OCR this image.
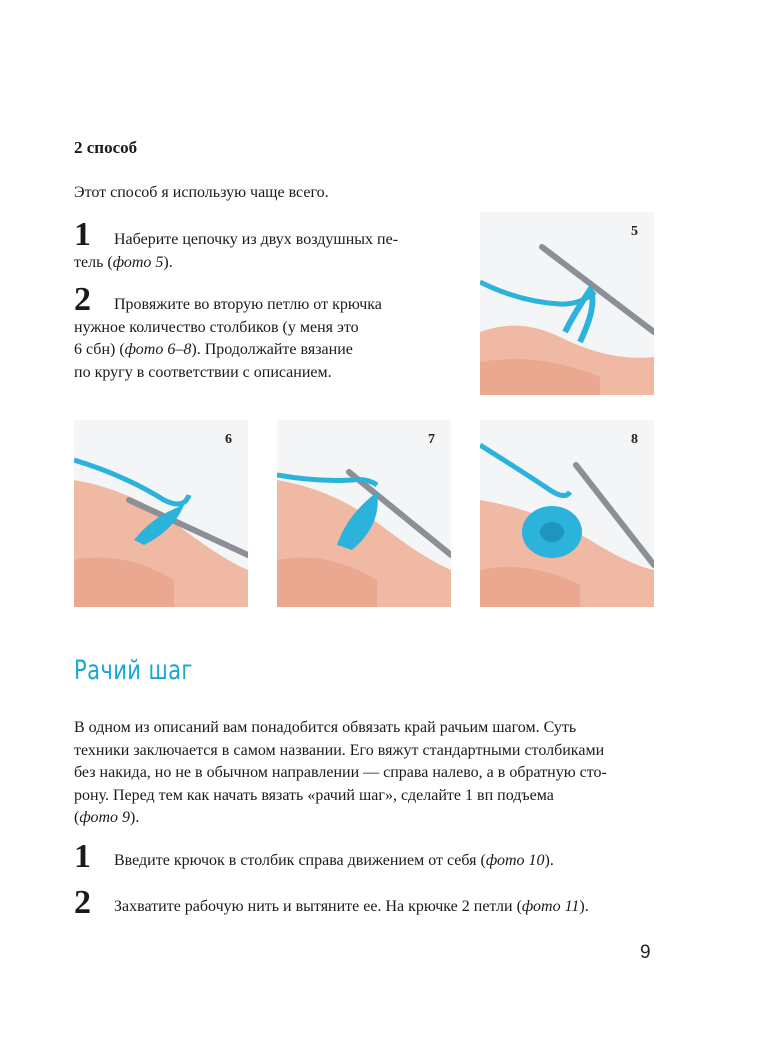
2 способ
Этот способ я использую чаще всего.
1	Наберите цепочку из двух воздушных пе-
тель (фото 5).
2	Провяжите во вторую петлю от крючка
нужное количество столбиков (у меня это
6 сбн) (фото 6–8). Продолжайте вязание
по кругу в соответствии с описанием.
5
6	7	8
Рачий шаг
В одном из описаний вам понадобится обвязать край рачьим шагом. Суть
техники заключается в самом названии. Его вяжут стандартными столбиками
без накида, но не в обычном направлении — справа налево, а в обратную сто-
рону. Перед тем как начать вязать «рачий шаг», сделайте 1 вп подъема
(фото 9).
1 Введите крючок в столбик справа движением от себя (фото 10).
2 Захватите рабочую нить и вытяните ее. На крючке 2 петли (фото 11).
9
